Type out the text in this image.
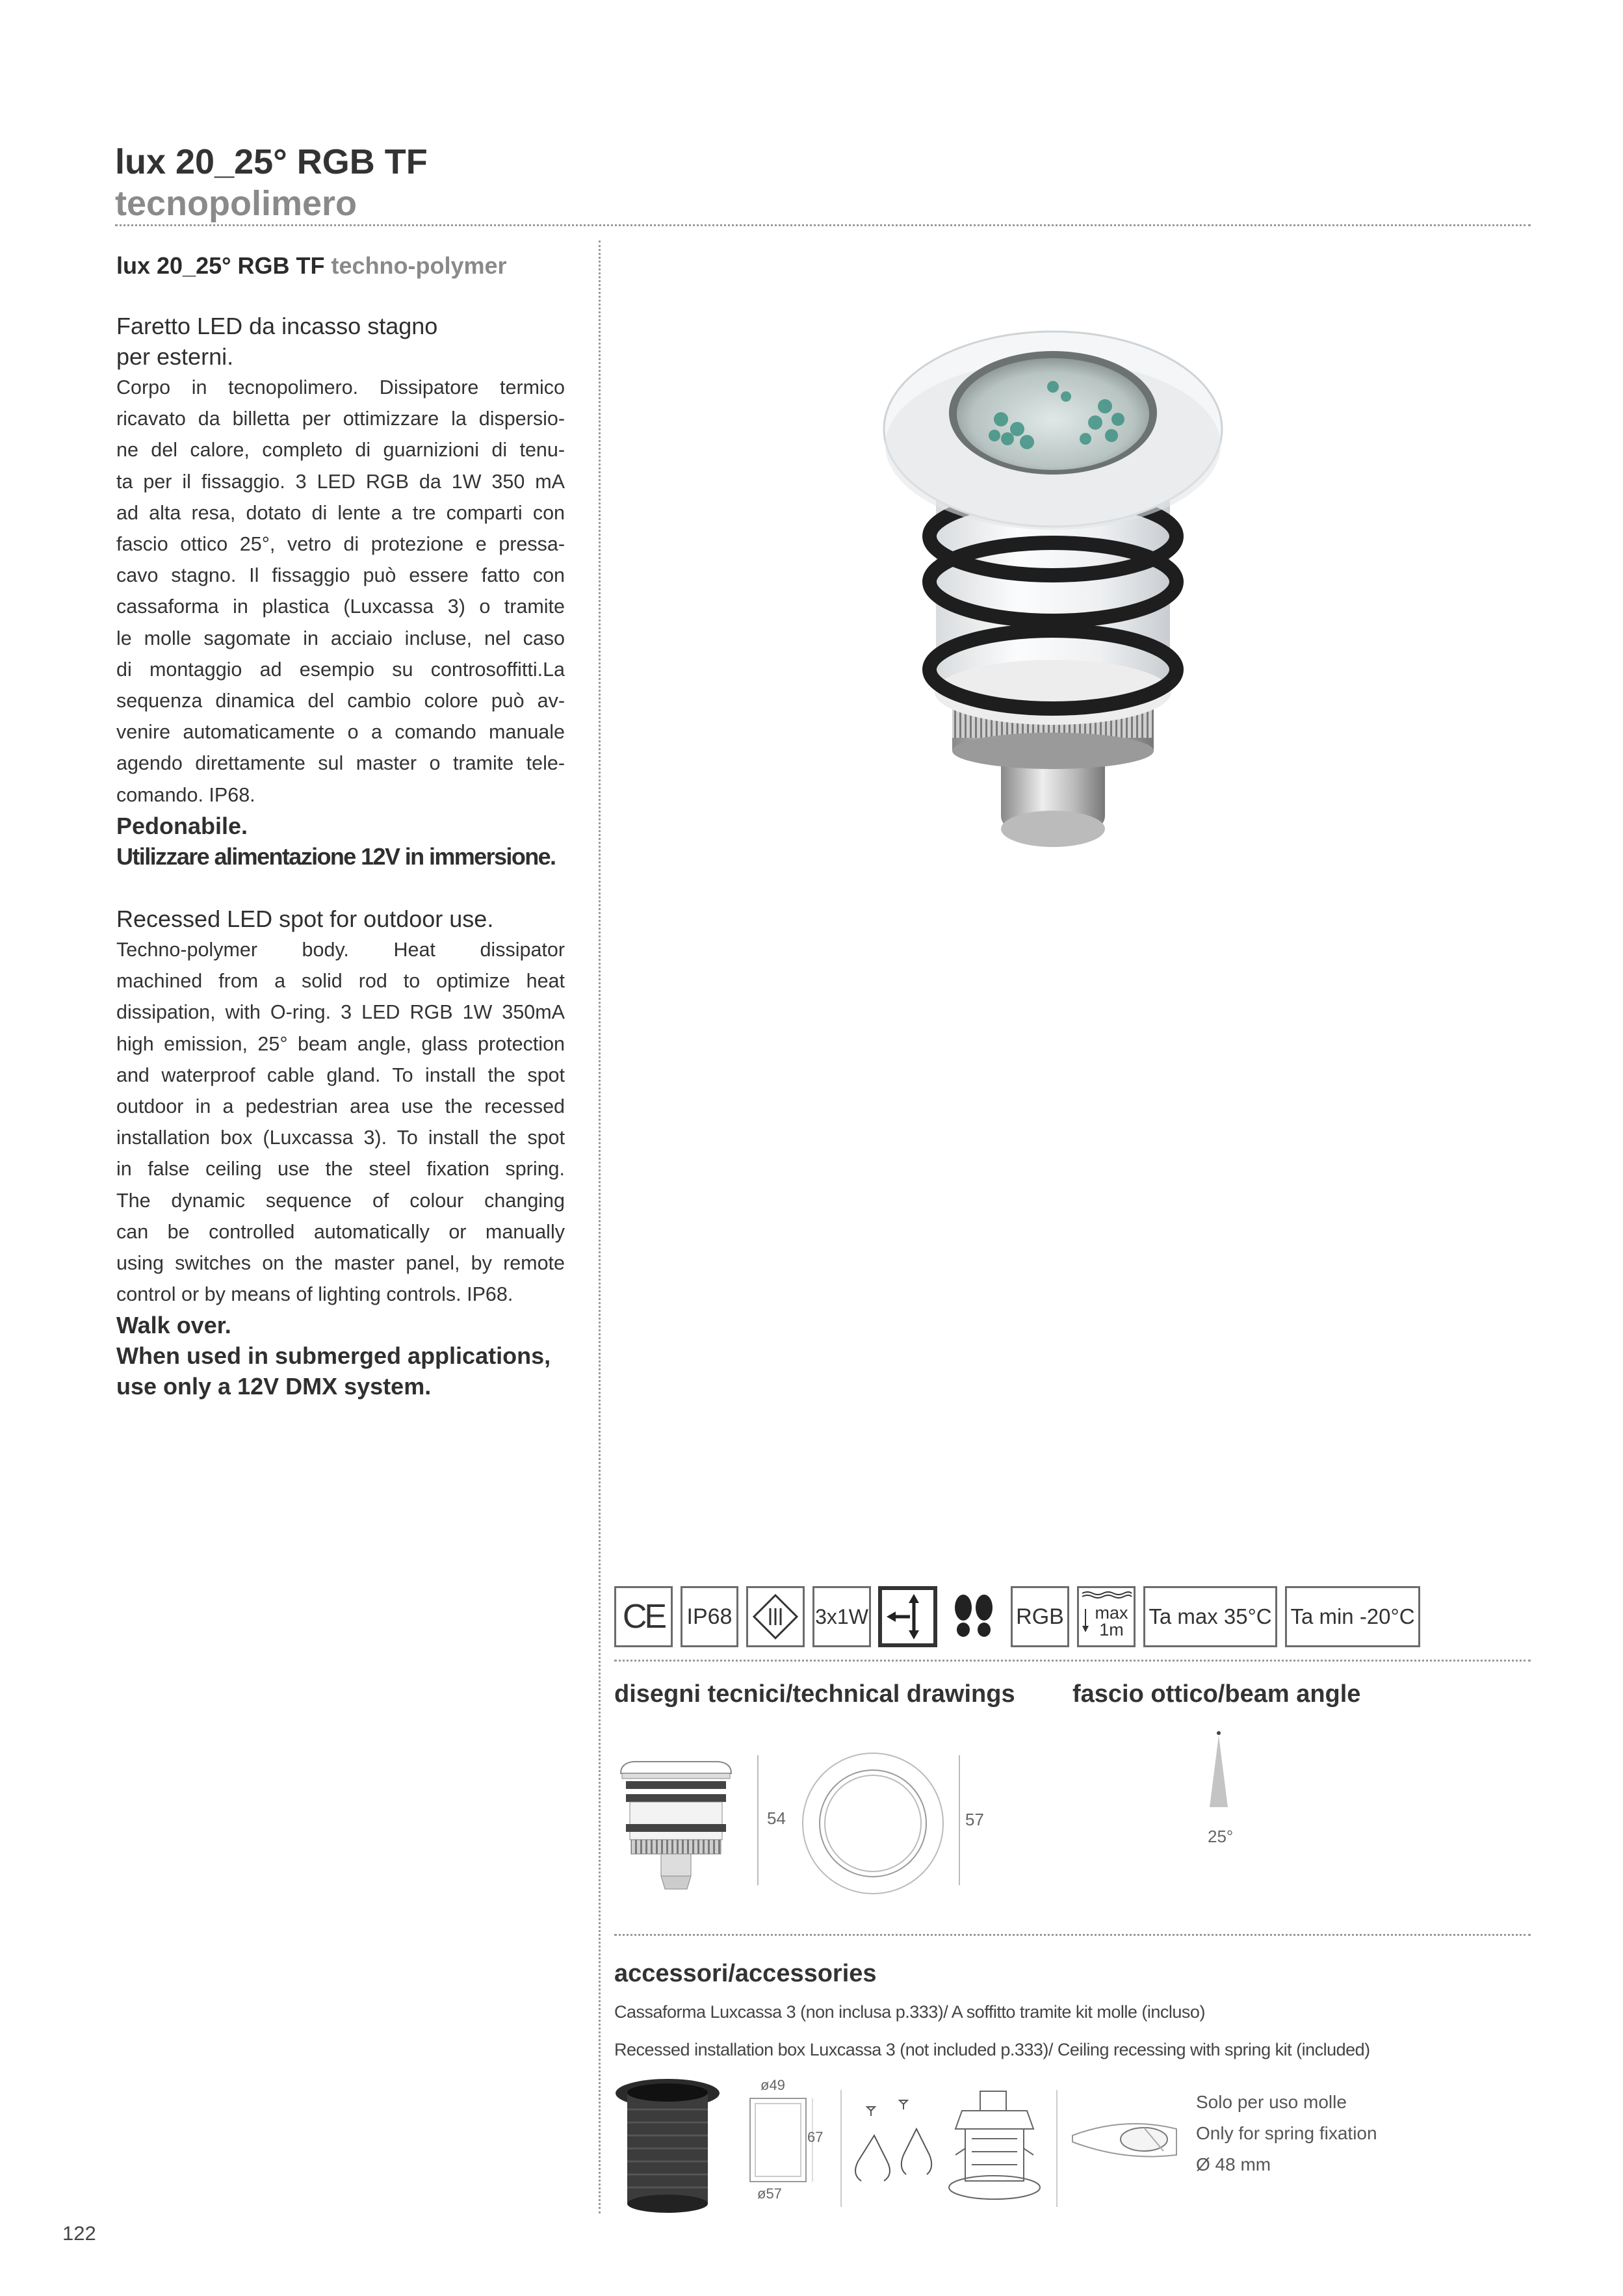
lux 20_25° RGB TF
tecnopolimero
lux 20_25° RGB TF techno-polymer
Faretto LED da incasso stagno
per esterni.
Corpo in tecnopolimero. Dissipatore termico
ricavato da billetta per ottimizzare la dispersio-
ne del calore, completo di guarnizioni di tenu-
ta per il fissaggio. 3 LED RGB da 1W 350 mA
ad alta resa, dotato di lente a tre comparti con
fascio ottico 25°, vetro di protezione e pressa-
cavo stagno. Il fissaggio può essere fatto con
cassaforma in plastica (Luxcassa 3) o tramite
le molle sagomate in acciaio incluse, nel caso
di montaggio ad esempio su controsoffitti.La
sequenza dinamica del cambio colore può av-
venire automaticamente o a comando manuale
agendo direttamente sul master o tramite tele-
comando. IP68.
Pedonabile.
Utilizzare alimentazione 12V in immersione.
Recessed LED spot for outdoor use.
Techno-polymer body. Heat dissipator
machined from a solid rod to optimize heat
dissipation, with O-ring. 3 LED RGB 1W 350mA
high emission, 25° beam angle, glass protection
and waterproof cable gland. To install the spot
outdoor in a pedestrian area use the recessed
installation box (Luxcassa 3). To install the spot
in false ceiling use the steel fixation spring.
The dynamic sequence of colour changing
can be controlled automatically or manually
using switches on the master panel, by remote
control or by means of lighting controls. IP68.
Walk over.
When used in submerged applications,
use only a 12V DMX system.
CE IP68	3x1W	RGB max
1m
Ta max 35°C Ta min -20°C
disegni tecnici/technical drawings fascio ottico/beam angle
54	57
25°
accessori/accessories
Cassaforma Luxcassa 3 (non inclusa p.333)/ A soffitto tramite kit molle (incluso)
Recessed installation box Luxcassa 3 (not included p.333)/ Ceiling recessing with spring kit (included)
ø49
67
ø57
Solo per uso molle
Only for spring fixation
Ø 48 mm
122
